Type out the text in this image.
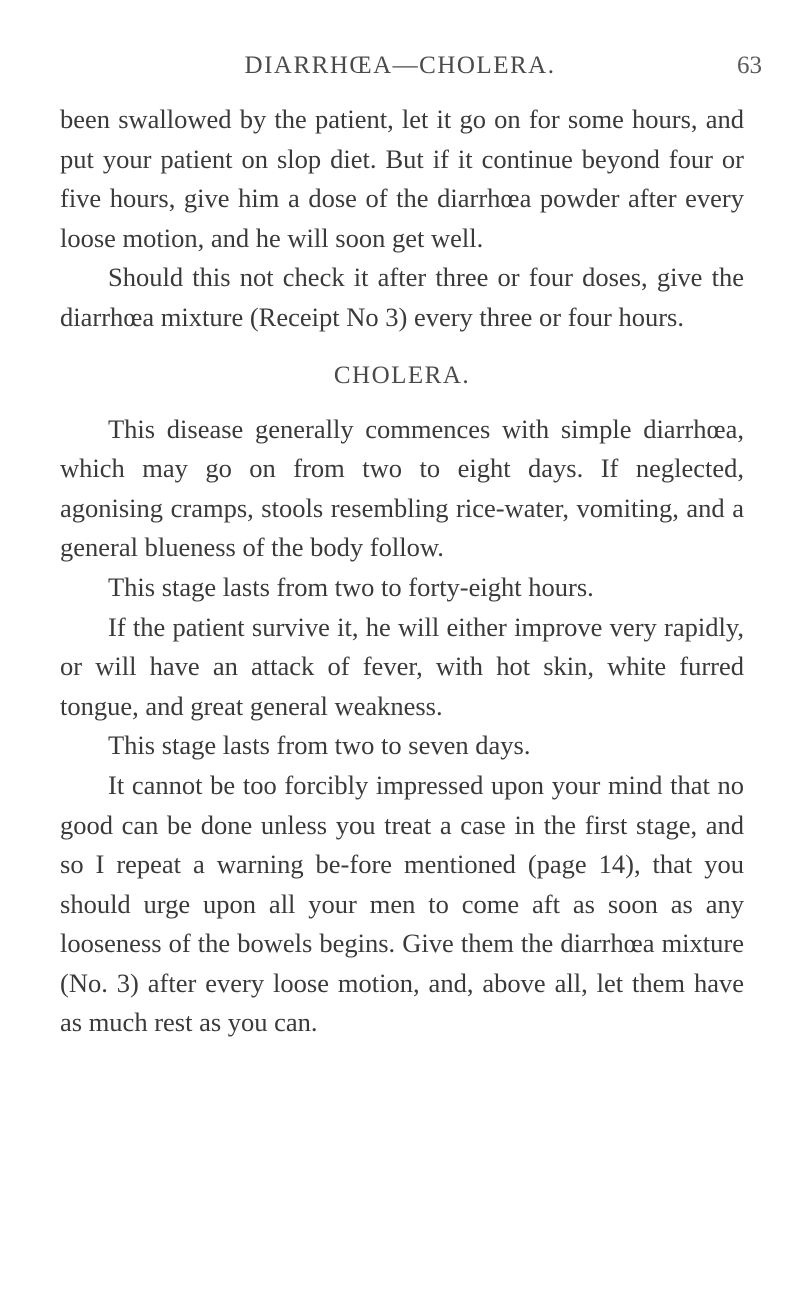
DIARRHŒA—CHOLERA.	63

been swallowed by the patient, let it go on for some hours, and put your patient on slop diet. But if it continue beyond four or five hours, give him a dose of the diarrhœa powder after every loose motion, and he will soon get well.

Should this not check it after three or four doses, give the diarrhœa mixture (Receipt No 3) every three or four hours.

CHOLERA.

This disease generally commences with simple diarrhœa, which may go on from two to eight days. If neglected, agonising cramps, stools resembling rice-water, vomiting, and a general blueness of the body follow.

This stage lasts from two to forty-eight hours.

If the patient survive it, he will either improve very rapidly, or will have an attack of fever, with hot skin, white furred tongue, and great general weakness.

This stage lasts from two to seven days.

It cannot be too forcibly impressed upon your mind that no good can be done unless you treat a case in the first stage, and so I repeat a warning be-fore mentioned (page 14), that you should urge upon all your men to come aft as soon as any looseness of the bowels begins. Give them the diarrhœa mixture (No. 3) after every loose motion, and, above all, let them have as much rest as you can.
